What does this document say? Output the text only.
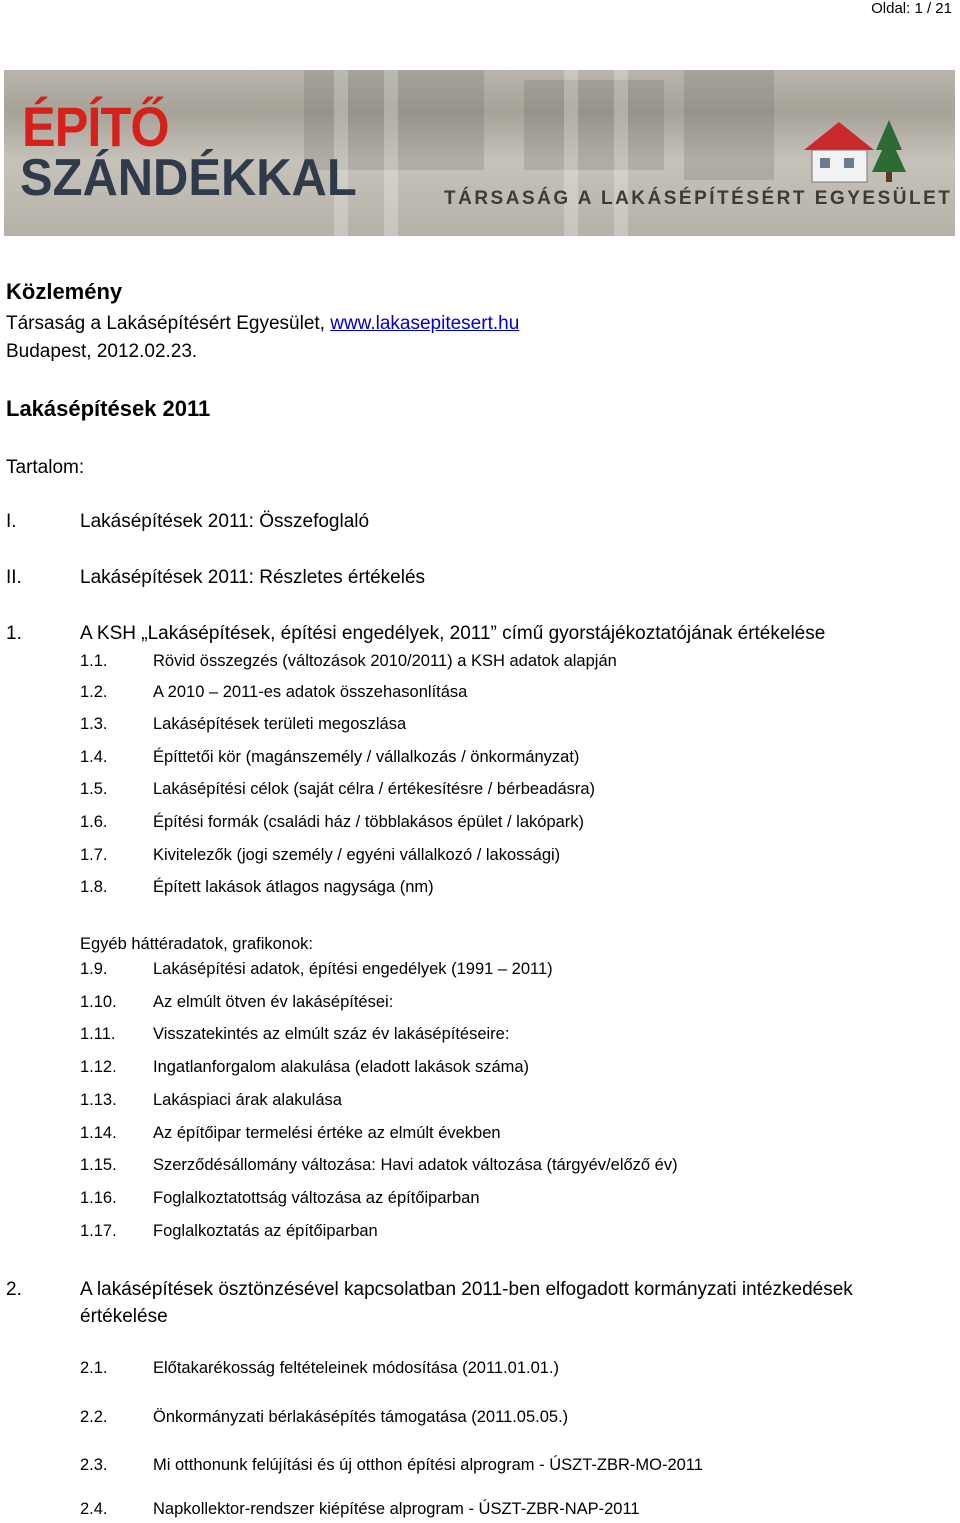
Oldal: 1 / 21
ÉPÍTŐ
SZÁNDÉKKAL	TÁRSASÁG A LAKÁSÉPÍTÉSÉRT EGYESÜLET
Közlemény
Társaság a Lakásépítésért Egyesület, www.lakasepitesert.hu
Budapest, 2012.02.23.
Lakásépítések 2011
Tartalom:
I.	Lakásépítések 2011: Összefoglaló
II.	Lakásépítések 2011: Részletes értékelés
1.	A KSH „Lakásépítések, építési engedélyek, 2011” című gyorstájékoztatójának értékelése
1.1.	Rövid összegzés (változások 2010/2011) a KSH adatok alapján
1.2.	A 2010 – 2011-es adatok összehasonlítása
1.3.	Lakásépítések területi megoszlása
1.4.	Építtetői kör (magánszemély / vállalkozás / önkormányzat)
1.5.	Lakásépítési célok (saját célra / értékesítésre / bérbeadásra)
1.6.	Építési formák (családi ház / többlakásos épület / lakópark)
1.7.	Kivitelezők (jogi személy / egyéni vállalkozó / lakossági)
1.8.	Épített lakások átlagos nagysága (nm)
Egyéb háttéradatok, grafikonok:
1.9.	Lakásépítési adatok, építési engedélyek (1991 – 2011)
1.10. Az elmúlt ötven év lakásépítései:
1.11. Visszatekintés az elmúlt száz év lakásépítéseire:
1.12. Ingatlanforgalom alakulása (eladott lakások száma)
1.13. Lakáspiaci árak alakulása
1.14. Az építőipar termelési értéke az elmúlt években
1.15. Szerződésállomány változása: Havi adatok változása (tárgyév/előző év)
1.16. Foglalkoztatottság változása az építőiparban
1.17. Foglalkoztatás az építőiparban
2.	A lakásépítések ösztönzésével kapcsolatban 2011-ben elfogadott kormányzati intézkedések
értékelése
2.1.	Előtakarékosság feltételeinek módosítása (2011.01.01.)
2.2.	Önkormányzati bérlakásépítés támogatása (2011.05.05.)
2.3.	Mi otthonunk felújítási és új otthon építési alprogram - ÚSZT-ZBR-MO-2011
2.4.	Napkollektor-rendszer kiépítése alprogram - ÚSZT-ZBR-NAP-2011
